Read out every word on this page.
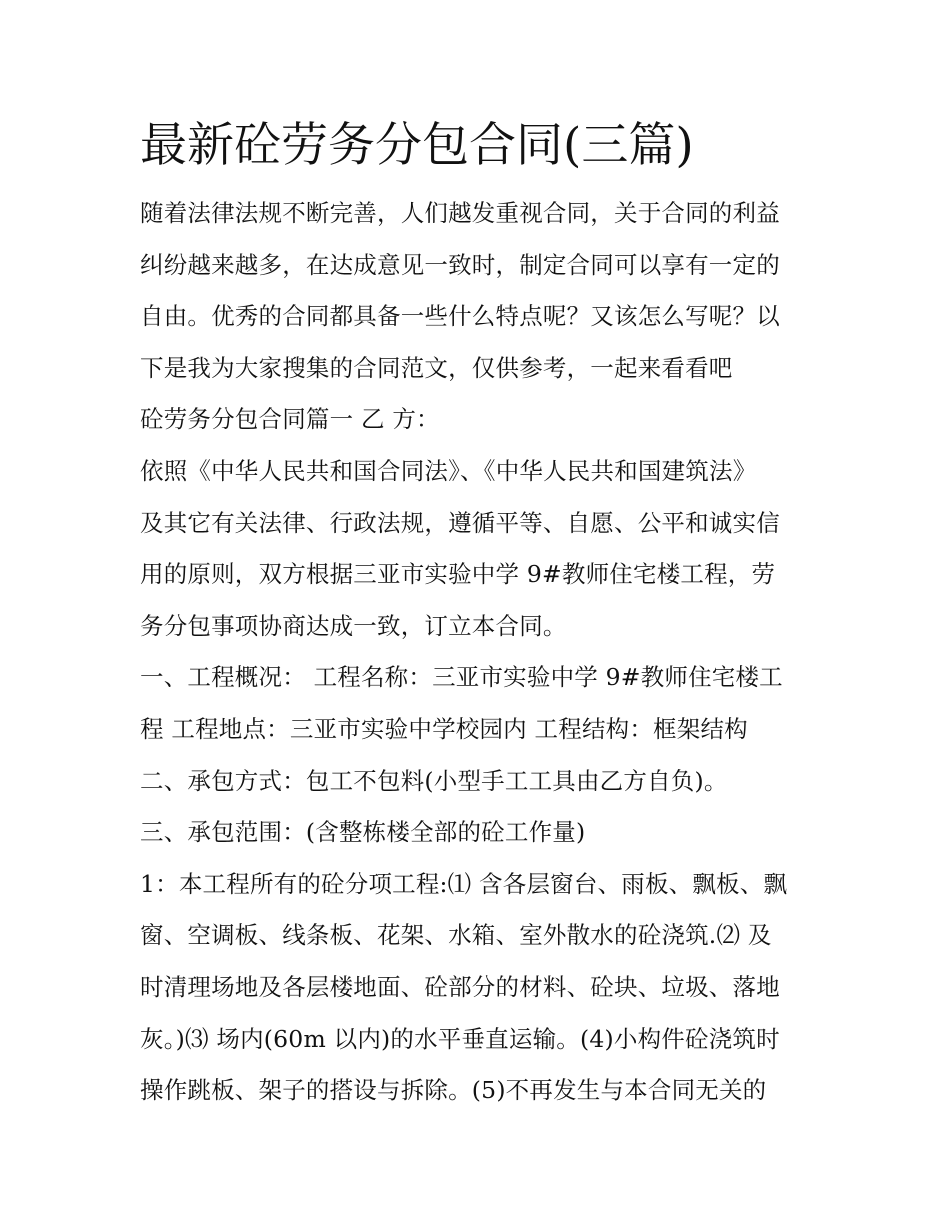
最新砼劳务分包合同(三篇)
随着法律法规不断完善，人们越发重视合同，关于合同的利益
纠纷越来越多，在达成意见一致时，制定合同可以享有一定的
自由。优秀的合同都具备一些什么特点呢？又该怎么写呢？以
下是我为大家搜集的合同范文，仅供参考，一起来看看吧
砼劳务分包合同篇一 乙 方：
依照《中华人民共和国合同法》、《中华人民共和国建筑法》
及其它有关法律、行政法规，遵循平等、自愿、公平和诚实信
用的原则，双方根据三亚市实验中学 9#教师住宅楼工程，劳
务分包事项协商达成一致，订立本合同。
一、工程概况： 工程名称：三亚市实验中学 9#教师住宅楼工
程 工程地点：三亚市实验中学校园内 工程结构：框架结构
二、承包方式：包工不包料(小型手工工具由乙方自负)。
三、承包范围：(含整栋楼全部的砼工作量)
1：本工程所有的砼分项工程:⑴ 含各层窗台、雨板、飘板、飘
窗、空调板、线条板、花架、水箱、室外散水的砼浇筑.⑵ 及
时清理场地及各层楼地面、砼部分的材料、砼块、垃圾、落地
灰。)⑶ 场内(60m 以内)的水平垂直运输。(4)小构件砼浇筑时
操作跳板、架子的搭设与拆除。(5)不再发生与本合同无关的
